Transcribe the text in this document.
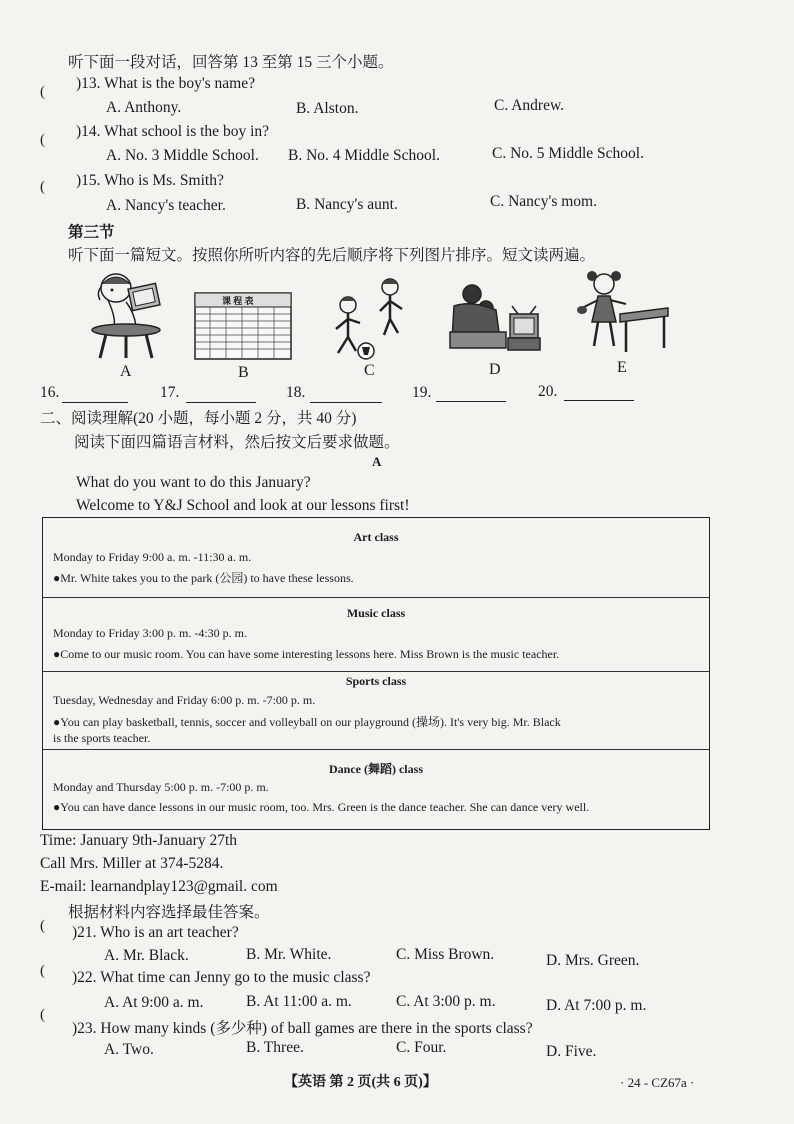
听下面一段对话，回答第 13 至第 15 三个小题。
( )13. What is the boy's name?
A. Anthony.	B. Alston.	C. Andrew.
( )14. What school is the boy in?
A. No. 3 Middle School. B. No. 4 Middle School.	C. No. 5 Middle School.
( )15. Who is Ms. Smith?
A. Nancy's teacher.	B. Nancy's aunt.	C. Nancy's mom.
第三节
听下面一篇短文。按照你所听内容的先后顺序将下列图片排序。短文读两遍。
课 程 表
A	B	C	D	E
16.	17.	18.	19.	20.
二、阅读理解(20 小题，每小题 2 分，共 40 分)
阅读下面四篇语言材料，然后按文后要求做题。
A
What do you want to do this January?
Welcome to Y&J School and look at our lessons first!
Art class
Monday to Friday 9:00 a. m. -11:30 a. m.
●Mr. White takes you to the park (公园) to have these lessons.
Music class
Monday to Friday 3:00 p. m. -4:30 p. m.
●Come to our music room. You can have some interesting lessons here. Miss Brown is the music teacher.
Sports class
Tuesday, Wednesday and Friday 6:00 p. m. -7:00 p. m.
●You can play basketball, tennis, soccer and volleyball on our playground (操场). It's very big. Mr. Black
is the sports teacher.
Dance (舞蹈) class
Monday and Thursday 5:00 p. m. -7:00 p. m.
●You can have dance lessons in our music room, too. Mrs. Green is the dance teacher. She can dance very well.
Time: January 9th-January 27th
Call Mrs. Miller at 374-5284.
E-mail: learnandplay123@gmail. com
根据材料内容选择最佳答案。
( )21. Who is an art teacher?
A. Mr. Black.	B. Mr. White.	C. Miss Brown.	D. Mrs. Green.
( )22. What time can Jenny go to the music class?
A. At 9:00 a. m.	B. At 11:00 a. m.	C. At 3:00 p. m.	D. At 7:00 p. m.
(
)23. How many kinds (多少种) of ball games are there in the sports class?
A. Two.	B. Three.	C. Four.	D. Five.
【英语 第 2 页(共 6 页)】	· 24 - CZ67a ·
